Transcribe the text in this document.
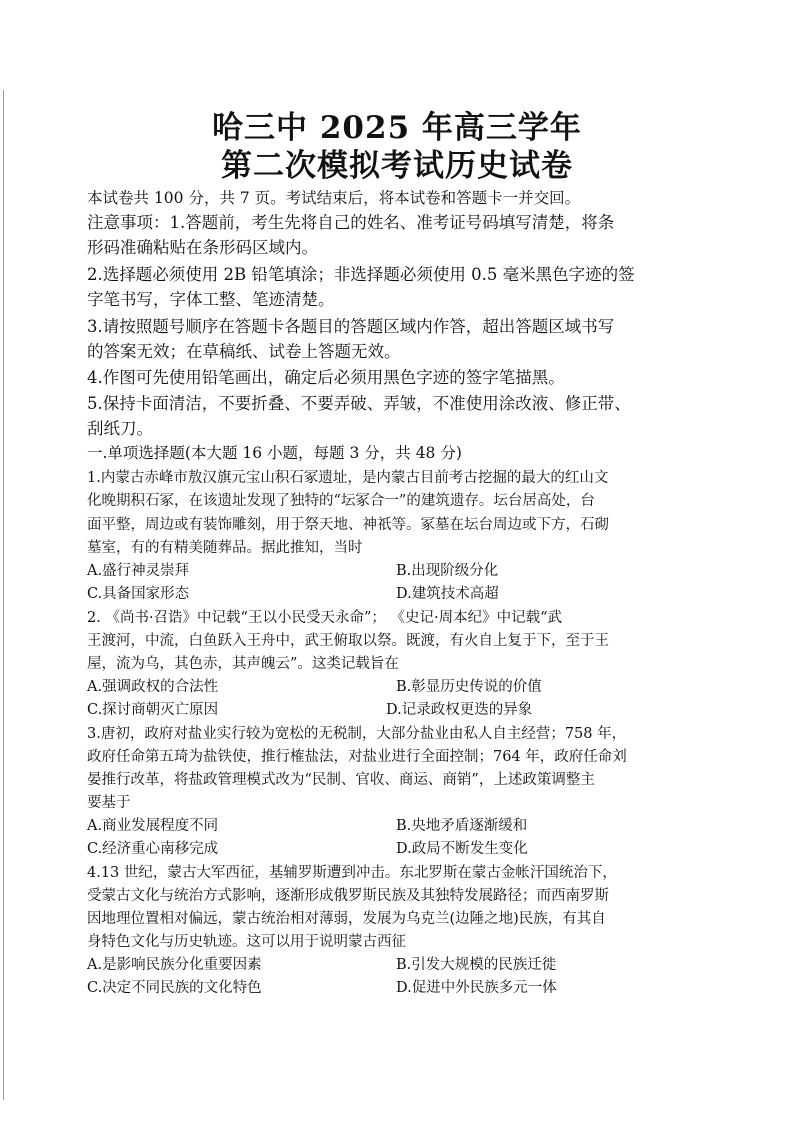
哈三中 2025 年高三学年
第二次模拟考试历史试卷
本试卷共 100 分，共 7 页。考试结束后，将本试卷和答题卡一并交回。
注意事项：1.答题前，考生先将自己的姓名、准考证号码填写清楚，将条
形码准确粘贴在条形码区域内。
2.选择题必须使用 2B 铅笔填涂；非选择题必须使用 0.5 毫米黑色字迹的签
字笔书写，字体工整、笔迹清楚。
3.请按照题号顺序在答题卡各题目的答题区域内作答，超出答题区域书写
的答案无效；在草稿纸、试卷上答题无效。
4.作图可先使用铅笔画出，确定后必须用黑色字迹的签字笔描黑。
5.保持卡面清洁，不要折叠、不要弄破、弄皱，不准使用涂改液、修正带、
刮纸刀。
一.单项选择题(本大题 16 小题，每题 3 分，共 48 分)
1.内蒙古赤峰市敖汉旗元宝山积石冢遗址，是内蒙古目前考古挖掘的最大的红山文
化晚期积石冢，在该遗址发现了独特的“坛冢合一”的建筑遗存。坛台居高处，台
面平整，周边或有装饰雕刻，用于祭天地、神祇等。冢墓在坛台周边或下方，石砌
墓室，有的有精美随葬品。据此推知，当时
A.盛行神灵崇拜	B.出现阶级分化
C.具备国家形态	D.建筑技术高超
2. 《尚书·召诰》中记载“王以小民受天永命”； 《史记·周本纪》中记载“武
王渡河，中流，白鱼跃入王舟中，武王俯取以祭。既渡，有火自上复于下，至于王
屋，流为乌，其色赤，其声魄云”。这类记载旨在
A.强调政权的合法性	B.彰显历史传说的价值
C.探讨商朝灭亡原因	D.记录政权更迭的异象
3.唐初，政府对盐业实行较为宽松的无税制，大部分盐业由私人自主经营；758 年，
政府任命第五琦为盐铁使，推行榷盐法，对盐业进行全面控制；764 年，政府任命刘
晏推行改革，将盐政管理模式改为“民制、官收、商运、商销”，上述政策调整主
要基于
A.商业发展程度不同	B.央地矛盾逐渐缓和
C.经济重心南移完成	D.政局不断发生变化
4.13 世纪，蒙古大军西征，基辅罗斯遭到冲击。东北罗斯在蒙古金帐汗国统治下，
受蒙古文化与统治方式影响，逐渐形成俄罗斯民族及其独特发展路径；而西南罗斯
因地理位置相对偏远，蒙古统治相对薄弱，发展为乌克兰(边陲之地)民族，有其自
身特色文化与历史轨迹。这可以用于说明蒙古西征
A.是影响民族分化重要因素	B.引发大规模的民族迁徙
C.决定不同民族的文化特色	D.促进中外民族多元一体
